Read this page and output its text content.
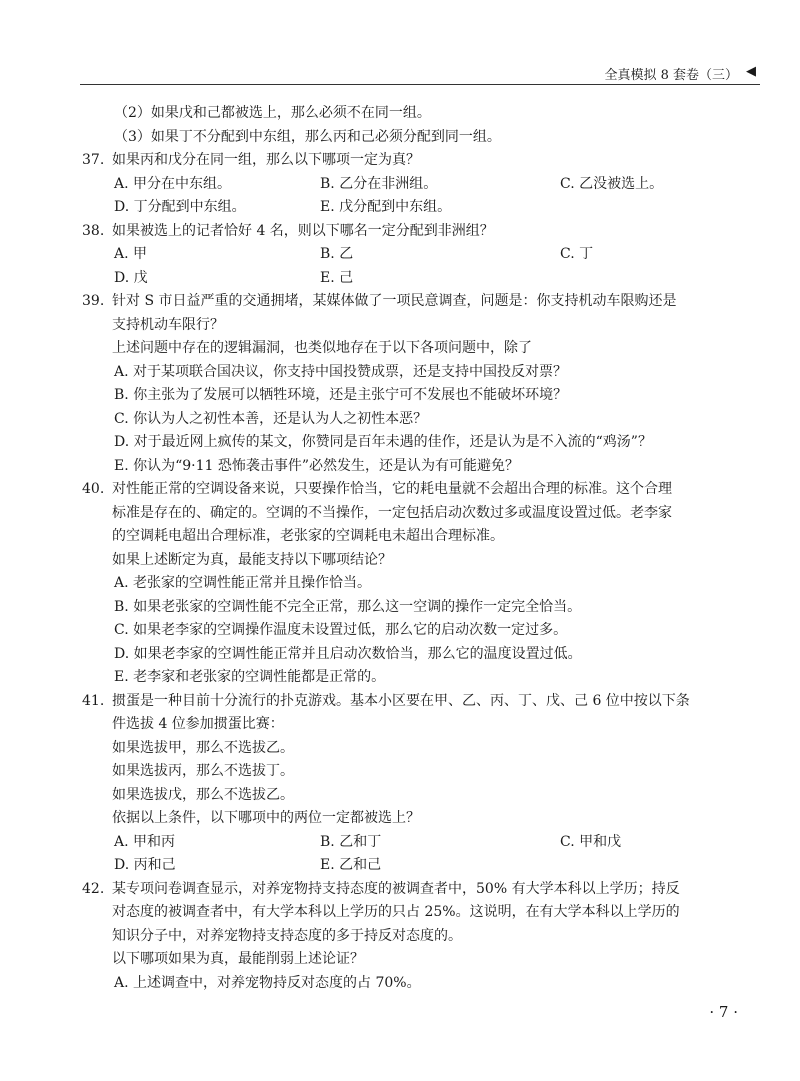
全真模拟 8 套卷（三） ◀
（2）如果戊和己都被选上，那么必须不在同一组。
（3）如果丁不分配到中东组，那么丙和己必须分配到同一组。
37. 如果丙和戊分在同一组，那么以下哪项一定为真？
A. 甲分在中东组。	B. 乙分在非洲组。	C. 乙没被选上。
D. 丁分配到中东组。	E. 戊分配到中东组。
38. 如果被选上的记者恰好 4 名，则以下哪名一定分配到非洲组？
A. 甲	B. 乙	C. 丁
D. 戊	E. 己
39. 针对 S 市日益严重的交通拥堵，某媒体做了一项民意调查，问题是：你支持机动车限购还是
支持机动车限行？
上述问题中存在的逻辑漏洞，也类似地存在于以下各项问题中，除了
A. 对于某项联合国决议，你支持中国投赞成票，还是支持中国投反对票？
B. 你主张为了发展可以牺牲环境，还是主张宁可不发展也不能破坏环境？
C. 你认为人之初性本善，还是认为人之初性本恶？
D. 对于最近网上疯传的某文，你赞同是百年未遇的佳作，还是认为是不入流的“鸡汤”？
E. 你认为“9·11 恐怖袭击事件”必然发生，还是认为有可能避免？
40. 对性能正常的空调设备来说，只要操作恰当，它的耗电量就不会超出合理的标准。这个合理
标准是存在的、确定的。空调的不当操作，一定包括启动次数过多或温度设置过低。老李家
的空调耗电超出合理标准，老张家的空调耗电未超出合理标准。
如果上述断定为真，最能支持以下哪项结论？
A. 老张家的空调性能正常并且操作恰当。
B. 如果老张家的空调性能不完全正常，那么这一空调的操作一定完全恰当。
C. 如果老李家的空调操作温度未设置过低，那么它的启动次数一定过多。
D. 如果老李家的空调性能正常并且启动次数恰当，那么它的温度设置过低。
E. 老李家和老张家的空调性能都是正常的。
41. 掼蛋是一种目前十分流行的扑克游戏。基本小区要在甲、乙、丙、丁、戊、己 6 位中按以下条
件选拔 4 位参加掼蛋比赛：
如果选拔甲，那么不选拔乙。
如果选拔丙，那么不选拔丁。
如果选拔戊，那么不选拔乙。
依据以上条件，以下哪项中的两位一定都被选上？
A. 甲和丙	B. 乙和丁	C. 甲和戊
D. 丙和己	E. 乙和己
42. 某专项问卷调查显示，对养宠物持支持态度的被调查者中，50% 有大学本科以上学历；持反
对态度的被调查者中，有大学本科以上学历的只占 25%。这说明，在有大学本科以上学历的
知识分子中，对养宠物持支持态度的多于持反对态度的。
以下哪项如果为真，最能削弱上述论证？
A. 上述调查中，对养宠物持反对态度的占 70%。
· 7 ·
